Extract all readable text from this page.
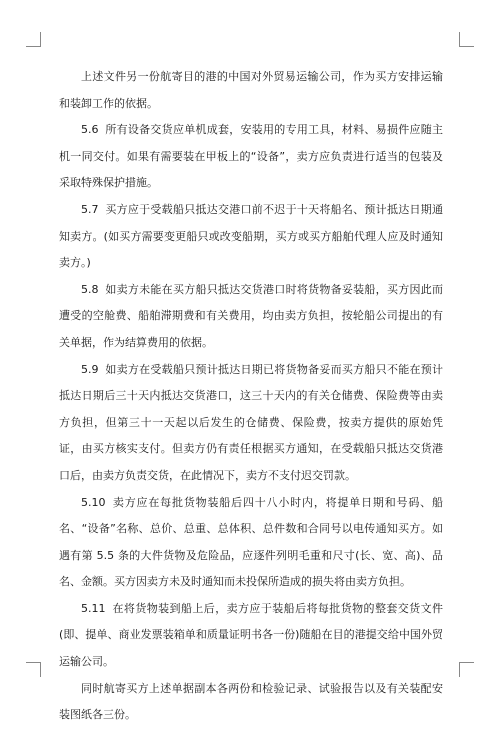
上述文件另一份航寄目的港的中国对外贸易运输公司，作为买方安排运输和装卸工作的依据。

5.6 所有设备交货应单机成套，安装用的专用工具，材料、易损件应随主机一同交付。如果有需要装在甲板上的“设备”，卖方应负责进行适当的包装及采取特殊保护措施。

5.7 买方应于受载船只抵达交港口前不迟于十天将船名、预计抵达日期通知卖方。(如买方需要变更船只或改变船期，买方或买方船舶代理人应及时通知卖方。)

5.8 如卖方未能在买方船只抵达交货港口时将货物备妥装船，买方因此而遭受的空舱费、船舶滞期费和有关费用，均由卖方负担，按轮船公司提出的有关单据，作为结算费用的依据。

5.9 如卖方在受载船只预计抵达日期已将货物备妥而买方船只不能在预计抵达日期后三十天内抵达交货港口，这三十天内的有关仓储费、保险费等由卖方负担，但第三十一天起以后发生的仓储费、保险费，按卖方提供的原始凭证，由买方核实支付。但卖方仍有责任根据买方通知，在受载船只抵达交货港口后，由卖方负责交货，在此情况下，卖方不支付迟交罚款。

5.10 卖方应在每批货物装船后四十八小时内，将提单日期和号码、船名、“设备”名称、总价、总重、总体积、总件数和合同号以电传通知买方。如遇有第 5.5 条的大件货物及危险品，应逐件列明毛重和尺寸(长、宽、高)、品名、金额。买方因卖方未及时通知而未投保所造成的损失将由卖方负担。

5.11 在将货物装到船上后，卖方应于装船后将每批货物的整套交货文件(即、提单、商业发票装箱单和质量证明书各一份)随船在目的港提交给中国外贸运输公司。

同时航寄买方上述单据副本各两份和检验记录、试验报告以及有关装配安装图纸各三份。
